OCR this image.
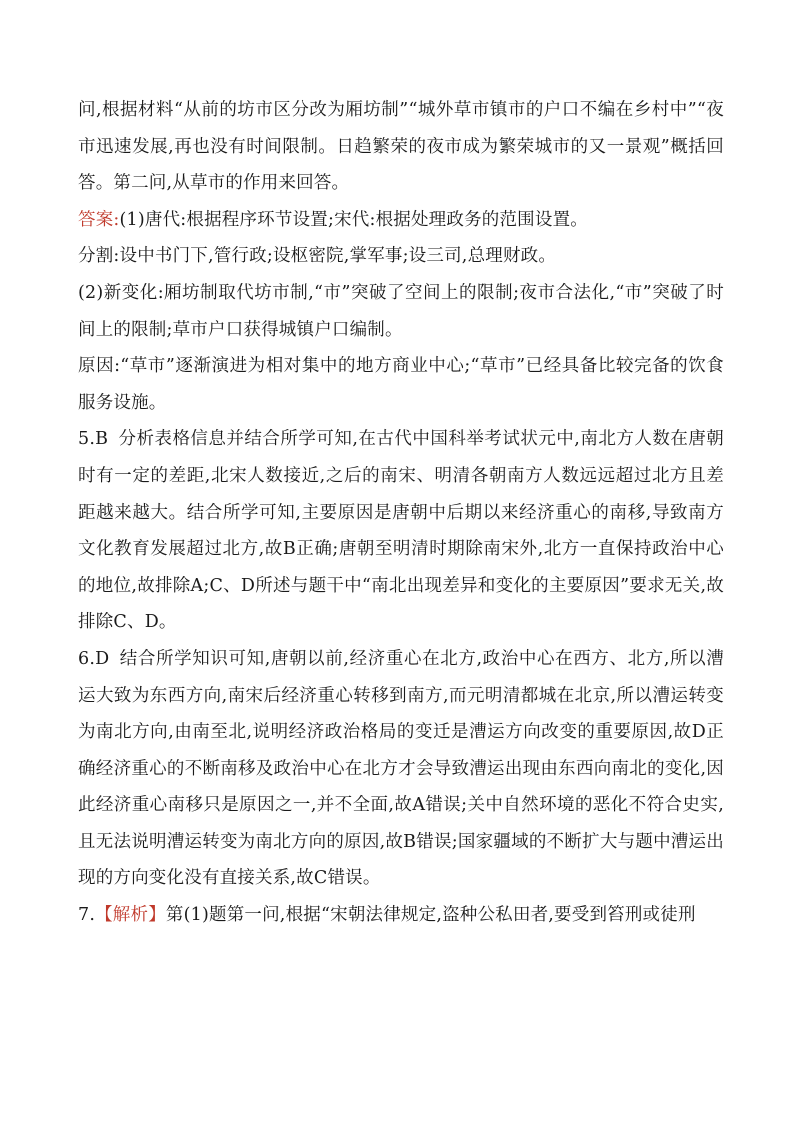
问,根据材料“从前的坊市区分改为厢坊制”“城外草市镇市的户口不编在乡村中”“夜市迅速发展,再也没有时间限制。日趋繁荣的夜市成为繁荣城市的又一景观”概括回答。第二问,从草市的作用来回答。

答案:(1)唐代:根据程序环节设置;宋代:根据处理政务的范围设置。

分割:设中书门下,管行政;设枢密院,掌军事;设三司,总理财政。

(2)新变化:厢坊制取代坊市制,“市”突破了空间上的限制;夜市合法化,“市”突破了时间上的限制;草市户口获得城镇户口编制。

原因:“草市”逐渐演进为相对集中的地方商业中心;“草市”已经具备比较完备的饮食服务设施。

5.B 分析表格信息并结合所学可知,在古代中国科举考试状元中,南北方人数在唐朝时有一定的差距,北宋人数接近,之后的南宋、明清各朝南方人数远远超过北方且差距越来越大。结合所学可知,主要原因是唐朝中后期以来经济重心的南移,导致南方文化教育发展超过北方,故B正确;唐朝至明清时期除南宋外,北方一直保持政治中心的地位,故排除A;C、D所述与题干中“南北出现差异和变化的主要原因”要求无关,故排除C、D。

6.D 结合所学知识可知,唐朝以前,经济重心在北方,政治中心在西方、北方,所以漕运大致为东西方向,南宋后经济重心转移到南方,而元明清都城在北京,所以漕运转变为南北方向,由南至北,说明经济政治格局的变迁是漕运方向改变的重要原因,故D正确经济重心的不断南移及政治中心在北方才会导致漕运出现由东西向南北的变化,因此经济重心南移只是原因之一,并不全面,故A错误;关中自然环境的恶化不符合史实,且无法说明漕运转变为南北方向的原因,故B错误;国家疆域的不断扩大与题中漕运出现的方向变化没有直接关系,故C错误。

7.【解析】第(1)题第一问,根据“宋朝法律规定,盗种公私田者,要受到笞刑或徒刑
